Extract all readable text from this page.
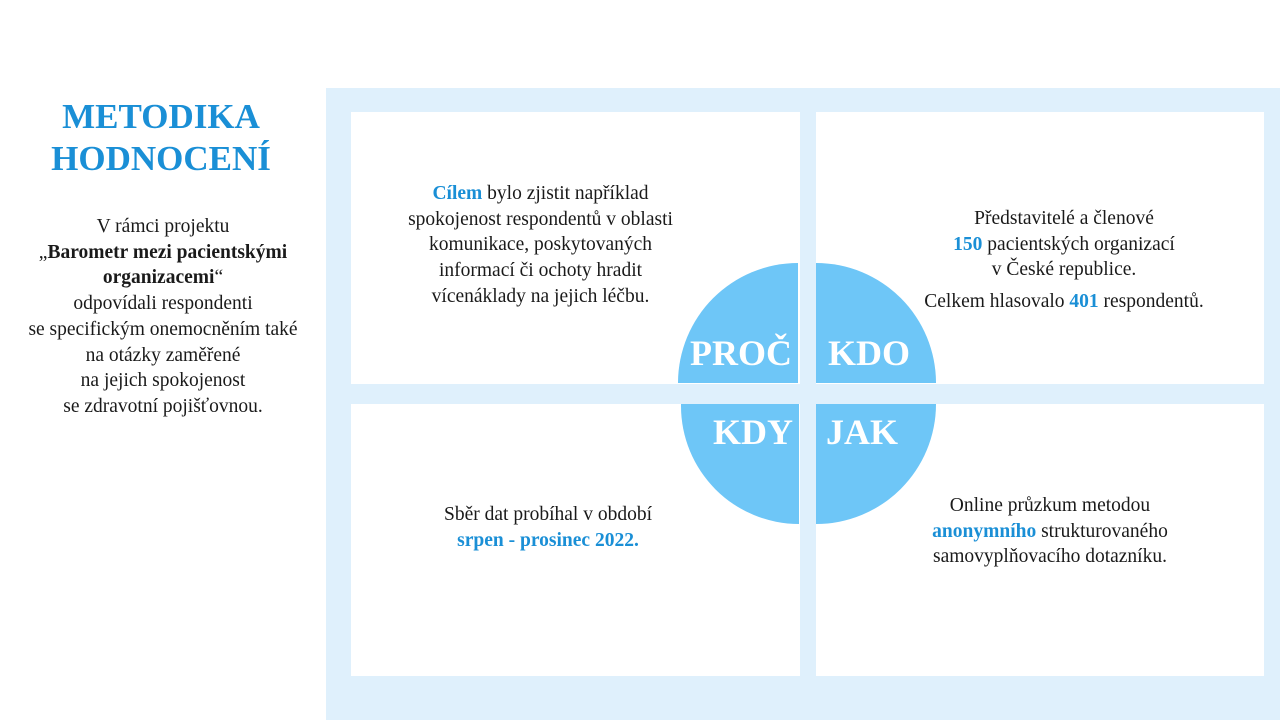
METODIKA
HODNOCENÍ
V rámci projektu
„Barometr mezi pacientskými
organizacemi“
odpovídali respondenti
se specifickým onemocněním také
na otázky zaměřené
na jejich spokojenost
se zdravotní pojišťovnou.
Cílem bylo zjistit například
spokojenost respondentů v oblasti
komunikace, poskytovaných
informací či ochoty hradit
vícenáklady na jejich léčbu.
Představitelé a členové
150 pacientských organizací
v České republice.
Celkem hlasovalo 401 respondentů.
Sběr dat probíhal v období
srpen - prosinec 2022.
Online průzkum metodou
anonymního strukturovaného
samovyplňovacího dotazníku.
PROČ KDO
KDY JAK
